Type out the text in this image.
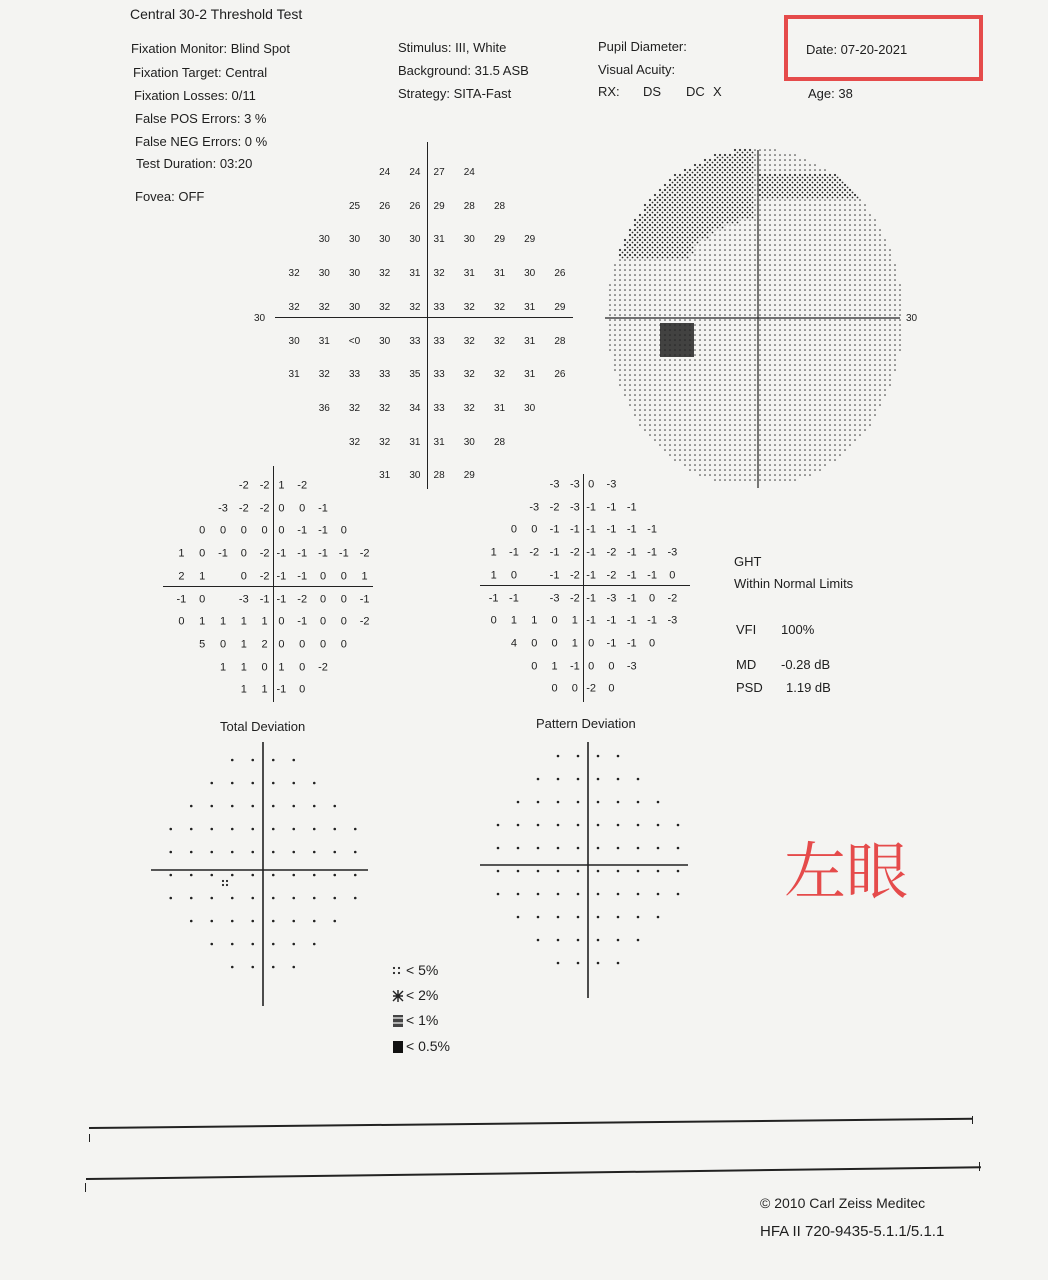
Central 30-2 Threshold Test
Fixation Monitor: Blind Spot
Fixation Target: Central
Fixation Losses: 0/11
False POS Errors: 3 %
False NEG Errors: 0 %
Test Duration: 03:20
Fovea: OFF
Stimulus: III, White
Background: 31.5 ASB
Strategy: SITA-Fast
Pupil Diameter:
Visual Acuity:
RX: DS DC X
Date: 07-20-2021
Age: 38
30
24 24 27 24
25 26 26 29 28 28
30 30 30 30 31 30 29 29
32 30 30 32 31 32 31 31 30 26
32 32 30 32 32 33 32 32 31 29
30 31 <0 30 33 33 32 32 31 28
31 32 33 33 35 33 32 32 31 26
36 32 32 34 33 32 31 30
32 32 31 31 30 28
31 30 28 29
30
-2 -2 1 -2
-3 -2 -2 0 0 -1
0 0 0 0 0 -1 -1 0
1 0 -1 0 -2 -1 -1 -1 -1 -2
2 1	0 -2 -1 -1 0 0 1
-1 0	-3 -1 -1 -2 0 0 -1
0 1 1 1 1 0 -1 0 0 -2
5 0 1 2 0 0 0 0
1 1 0 1 0 -2
1 1 -1 0
-3 -3 0 -3
-3 -2 -3 -1 -1 -1
0 0 -1 -1 -1 -1 -1 -1
1 -1 -2 -1 -2 -1 -2 -1 -1 -3
1 0	-1 -2 -1 -2 -1 -1 0
-1 -1	-3 -2 -1 -3 -1 0 -2
0 1 1 0 1 -1 -1 -1 -1 -3
4 0 0 1 0 -1 -1 0
0 1 -1 0 0 -3
0 0 -2 0
GHT
Within Normal Limits
VFI 100%
MD -0.28 dB
PSD 1.19 dB
Total Deviation	Pattern Deviation
< 5%
< 2%
< 1%
< 0.5%
左眼
© 2010 Carl Zeiss Meditec
HFA II 720-9435-5.1.1/5.1.1
